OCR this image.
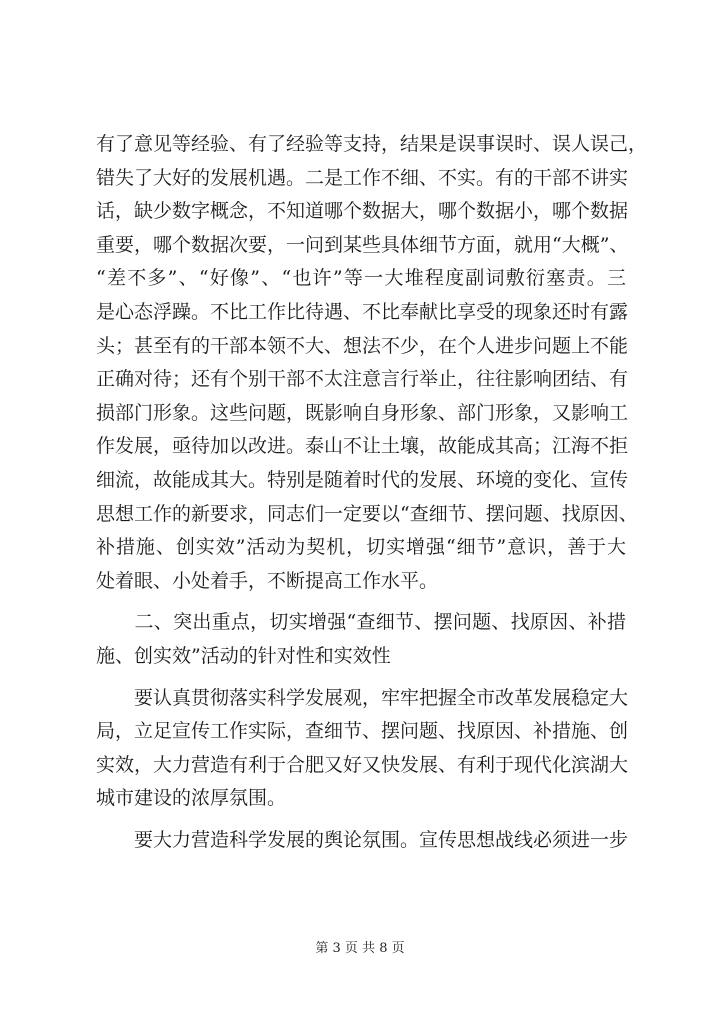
有了意见等经验、有了经验等支持，结果是误事误时、误人误己，
错失了大好的发展机遇。二是工作不细、不实。有的干部不讲实
话，缺少数字概念，不知道哪个数据大，哪个数据小，哪个数据
重要，哪个数据次要，一问到某些具体细节方面，就用“大概”、
“差不多”、“好像”、“也许”等一大堆程度副词敷衍塞责。三
是心态浮躁。不比工作比待遇、不比奉献比享受的现象还时有露
头；甚至有的干部本领不大、想法不少，在个人进步问题上不能
正确对待；还有个别干部不太注意言行举止，往往影响团结、有
损部门形象。这些问题，既影响自身形象、部门形象，又影响工
作发展，亟待加以改进。泰山不让土壤，故能成其高；江海不拒
细流，故能成其大。特别是随着时代的发展、环境的变化、宣传
思想工作的新要求，同志们一定要以“查细节、摆问题、找原因、
补措施、创实效”活动为契机，切实增强“细节”意识，善于大
处着眼、小处着手，不断提高工作水平。
　　二、突出重点，切实增强“查细节、摆问题、找原因、补措
施、创实效”活动的针对性和实效性
　　要认真贯彻落实科学发展观，牢牢把握全市改革发展稳定大
局，立足宣传工作实际，查细节、摆问题、找原因、补措施、创
实效，大力营造有利于合肥又好又快发展、有利于现代化滨湖大
城市建设的浓厚氛围。
　　要大力营造科学发展的舆论氛围。宣传思想战线必须进一步
第 3 页 共 8 页
